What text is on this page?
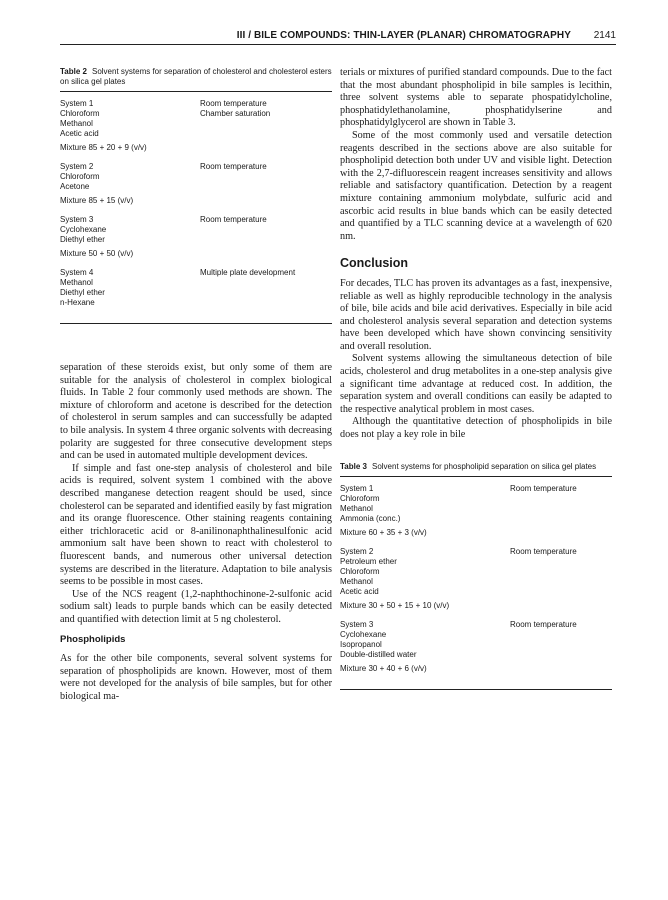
III / BILE COMPOUNDS: THIN-LAYER (PLANAR) CHROMATOGRAPHY 2141

Table 2 Solvent systems for separation of cholesterol and cholesterol esters on silica gel plates

System 1	Room temperature
Chloroform	Chamber saturation
Methanol
Acetic acid
Mixture 85 + 20 + 9 (v/v)
System 2	Room temperature
Chloroform
Acetone
Mixture 85 + 15 (v/v)
System 3	Room temperature
Cyclohexane
Diethyl ether
Mixture 50 + 50 (v/v)
System 4	Multiple plate development
Methanol
Diethyl ether
n-Hexane

separation of these steroids exist, but only some of them are suitable for the analysis of cholesterol in complex biological fluids. In Table 2 four commonly used methods are shown. The mixture of chloroform and acetone is described for the detection of cholesterol in serum samples and can successfully be adapted to bile analysis. In system 4 three organic solvents with decreasing polarity are suggested for three consecutive development steps and can be used in automated multiple development devices.

If simple and fast one-step analysis of cholesterol and bile acids is required, solvent system 1 combined with the above described manganese detection reagent should be used, since cholesterol can be separated and identified easily by fast migration and its orange fluorescence. Other staining reagents containing either trichloracetic acid or 8-anilinonaphthalinesulfonic acid ammonium salt have been shown to react with cholesterol to fluorescent bands, and numerous other universal detection systems are described in the literature. Adaptation to bile analysis seems to be possible in most cases.

Use of the NCS reagent (1,2-naphthochinone-2-sulfonic acid sodium salt) leads to purple bands which can be easily detected and quantified with detection limit at 5 ng cholesterol.

Phospholipids

As for the other bile components, several solvent systems for separation of phospholipids are known. However, most of them were not developed for the analysis of bile samples, but for other biological ma-

terials or mixtures of purified standard compounds. Due to the fact that the most abundant phospholipid in bile samples is lecithin, three solvent systems able to separate phospatidylcholine, phosphatidylethanolamine, phosphatidylserine and phosphatidylglycerol are shown in Table 3.

Some of the most commonly used and versatile detection reagents described in the sections above are also suitable for phospholipid detection both under UV and visible light. Detection with the 2,7-difluorescein reagent increases sensitivity and allows reliable and satisfactory quantification. Detection by a reagent mixture containing ammonium molybdate, sulfuric acid and ascorbic acid results in blue bands which can be easily detected and quantified by a TLC scanning device at a wavelength of 620 nm.

Conclusion

For decades, TLC has proven its advantages as a fast, inexpensive, reliable as well as highly reproducible technology in the analysis of bile, bile acids and bile acid derivatives. Especially in bile acid and cholesterol analysis several separation and detection systems have been developed which have shown convincing sensitivity and overall resolution.

Solvent systems allowing the simultaneous detection of bile acids, cholesterol and drug metabolites in a one-step analysis give a significant time advantage at reduced cost. In addition, the separation system and overall conditions can easily be adapted to the respective analytical problem in most cases.

Although the quantitative detection of phospholipids in bile does not play a key role in bile

Table 3 Solvent systems for phospholipid separation on silica gel plates

System 1	Room temperature
Chloroform
Methanol
Ammonia (conc.)
Mixture 60 + 35 + 3 (v/v)
System 2	Room temperature
Petroleum ether
Chloroform
Methanol
Acetic acid
Mixture 30 + 50 + 15 + 10 (v/v)
System 3	Room temperature
Cyclohexane
Isopropanol
Double-distilled water
Mixture 30 + 40 + 6 (v/v)
